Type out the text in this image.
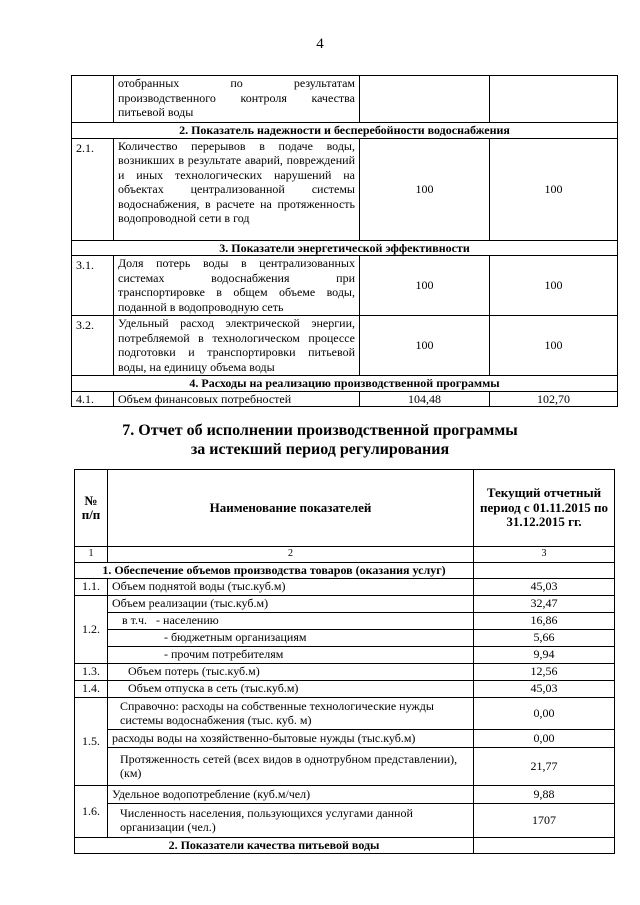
4
	отобранных по результатам производственного контроля качества питьевой воды		
2. Показатель надежности и бесперебойности водоснабжения			
2.1.	Количество перерывов в подаче воды, возникших в результате аварий, повреждений и иных технологических нарушений на объектах централизованной системы водоснабжения, в расчете на протяженность водопроводной сети в год	100	100
3. Показатели энергетической эффективности			
3.1.	Доля потерь воды в централизованных системах водоснабжения при транспортировке в общем объеме воды, поданной в водопроводную сеть	100	100
3.2.	Удельный расход электрической энергии, потребляемой в технологическом процессе подготовки и транспортировки питьевой воды, на единицу объема воды	100	100
4. Расходы на реализацию производственной программы			
4.1.	Объем финансовых потребностей	104,48	102,70
7. Отчет об исполнении производственной программы
за истекший период регулирования
№ п/п	Наименование показателей	Текущий отчетный период с 01.11.2015 по 31.12.2015 гг.
1	2	3
1. Обеспечение объемов производства товаров (оказания услуг)		
1.1.	Объем поднятой воды (тыс.куб.м)	45,03
1.2.	Объем реализации (тыс.куб.м)	32,47
	в т.ч. - населению	16,86
	- бюджетным организациям	5,66
	- прочим потребителям	9,94
1.3.	Объем потерь (тыс.куб.м)	12,56
1.4.	Объем отпуска в сеть (тыс.куб.м)	45,03
1.5.	Справочно: расходы на собственные технологические нужды системы водоснабжения (тыс. куб. м)	0,00
	расходы воды на хозяйственно-бытовые нужды (тыс.куб.м)	0,00
	Протяженность сетей (всех видов в однотрубном представлении), (км)	21,77
1.6.	Удельное водопотребление (куб.м/чел)	9,88
	Численность населения, пользующихся услугами данной организации (чел.)	1707
2. Показатели качества питьевой воды		
